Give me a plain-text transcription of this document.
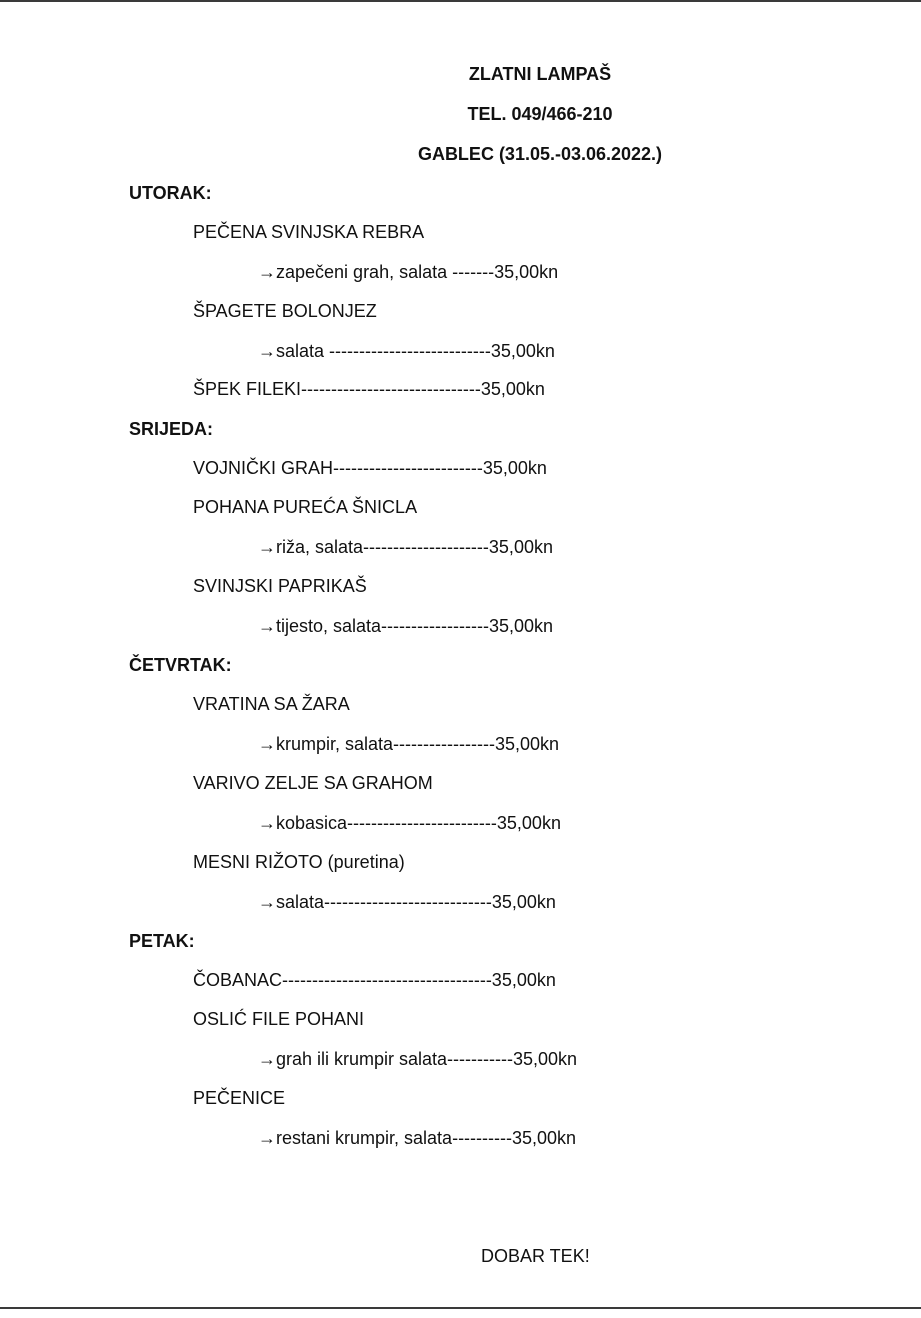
ZLATNI LAMPAŠ
TEL. 049/466-210
GABLEC (31.05.-03.06.2022.)
UTORAK:
PEČENA SVINJSKA REBRA
→zapečeni grah, salata -------35,00kn
ŠPAGETE BOLONJEZ
→salata ---------------------------35,00kn
ŠPEK FILEKI------------------------------35,00kn
SRIJEDA:
VOJNIČKI GRAH-------------------------35,00kn
POHANA PUREĆA ŠNICLA
→riža, salata---------------------35,00kn
SVINJSKI PAPRIKAŠ
→tijesto, salata------------------35,00kn
ČETVRTAK:
VRATINA SA ŽARA
→krumpir, salata-----------------35,00kn
VARIVO ZELJE SA GRAHOM
→kobasica-------------------------35,00kn
MESNI RIŽOTO (puretina)
→salata----------------------------35,00kn
PETAK:
ČOBANAC-----------------------------------35,00kn
OSLIĆ FILE POHANI
→grah ili krumpir salata-----------35,00kn
PEČENICE
→restani krumpir, salata----------35,00kn
DOBAR TEK!
